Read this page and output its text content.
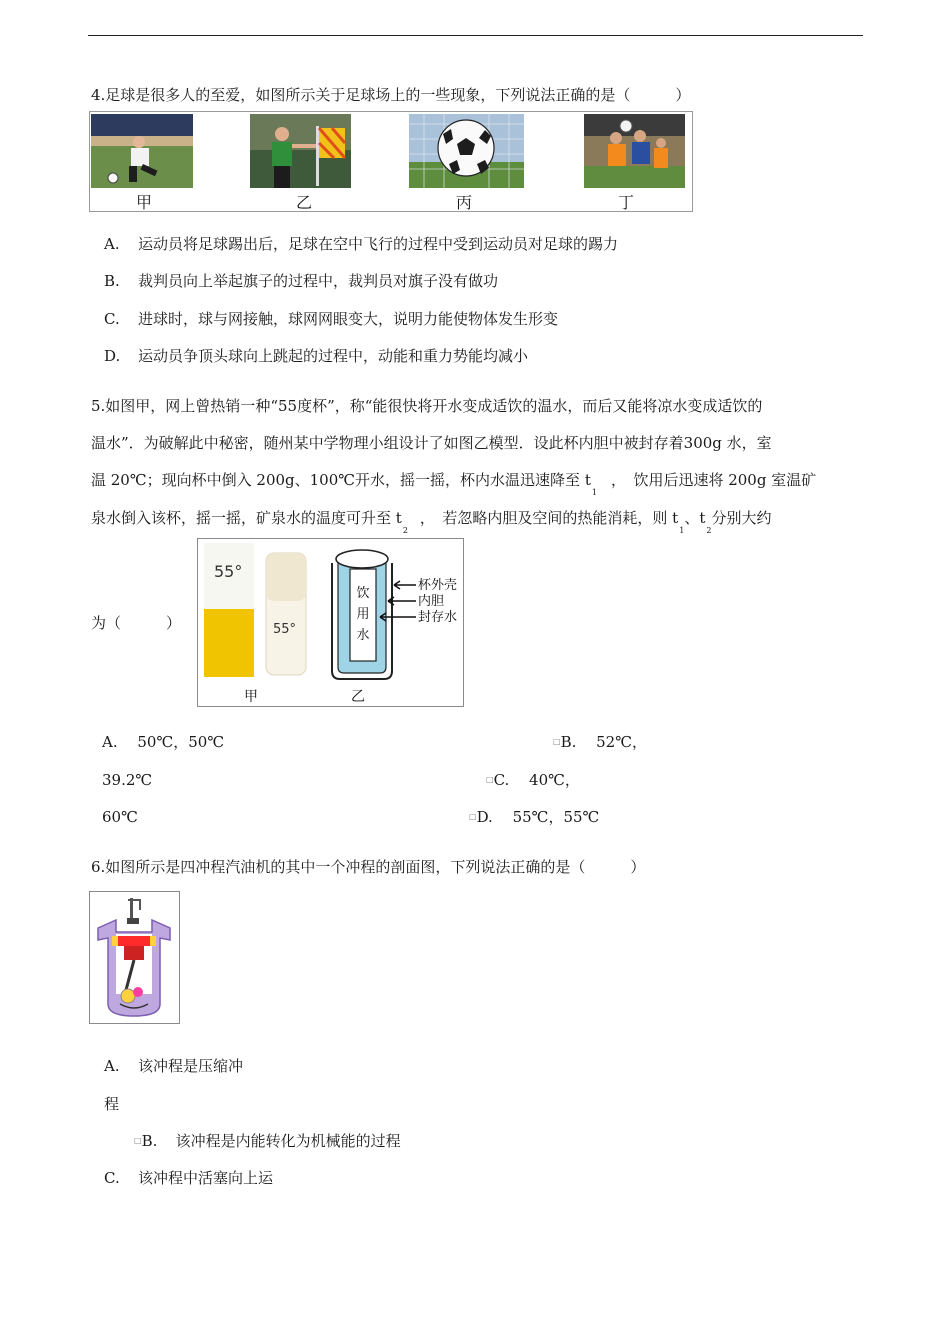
4.足球是很多人的至爱，如图所示关于足球场上的一些现象，下列说法正确的是（　　　）
甲	乙	丙	丁
A. 运动员将足球踢出后，足球在空中飞行的过程中受到运动员对足球的踢力
B. 裁判员向上举起旗子的过程中，裁判员对旗子没有做功
C. 进球时，球与网接触，球网网眼变大，说明力能使物体发生形变
D. 运动员争顶头球向上跳起的过程中，动能和重力势能均减小
5.如图甲，网上曾热销一种“55度杯”，称“能很快将开水变成适饮的温水，而后又能将凉水变成适饮的
温水”．为破解此中秘密，随州某中学物理小组设计了如图乙模型．设此杯内胆中被封存着300g 水，室
温 20℃；现向杯中倒入 200g、100℃开水，摇一摇，杯内水温迅速降至 $t_1$，　饮用后迅速将 200g 室温矿
泉水倒入该杯，摇一摇，矿泉水的温度可升至 $t_2$，　若忽略内胆及空间的热能消耗，则 $t_1$、$t_2$分别大约
为（　　　）
55°
55°
饮
用
水
杯外壳
内胆
封存水
甲	乙
A.　 50℃，50℃	□B.　 52℃，
39.2℃	□C.　 40℃，
60℃	□D.　 55℃，55℃
6.如图所示是四冲程汽油机的其中一个冲程的剖面图，下列说法正确的是（　　　）
A. 该冲程是压缩冲
程
□B. 该冲程是内能转化为机械能的过程
C. 该冲程中活塞向上运
